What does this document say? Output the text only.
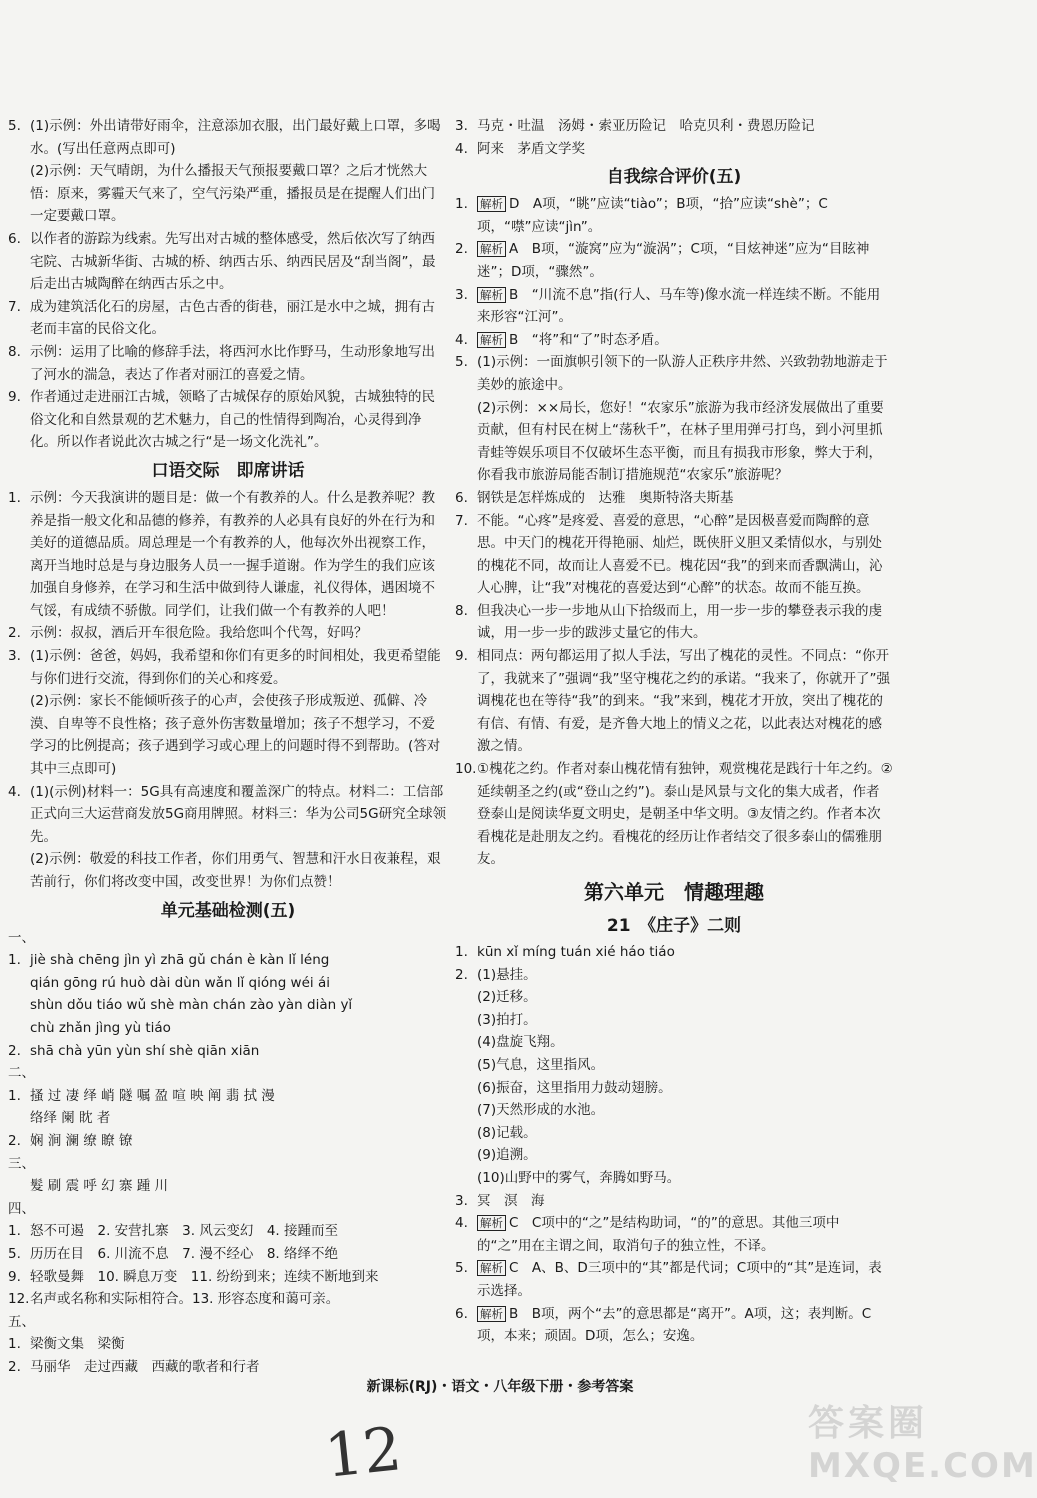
5. (1)示例：外出请带好雨伞，注意添加衣服，出门最好戴上口罩，多喝水。(写出任意两点即可)
(2)示例：天气晴朗，为什么播报天气预报要戴口罩？之后才恍然大悟：原来，雾霾天气来了，空气污染严重，播报员是在提醒人们出门一定要戴口罩。
6. 以作者的游踪为线索。先写出对古城的整体感受，然后依次写了纳西宅院、古城新华街、古城的桥、纳西古乐、纳西民居及“刮当阁”，最后走出古城陶醉在纳西古乐之中。
7. 成为建筑活化石的房屋，古色古香的街巷，丽江是水中之城，拥有古老而丰富的民俗文化。
8. 示例：运用了比喻的修辞手法，将西河水比作野马，生动形象地写出了河水的湍急，表达了作者对丽江的喜爱之情。
9. 作者通过走进丽江古城，领略了古城保存的原始风貌，古城独特的民俗文化和自然景观的艺术魅力，自己的性情得到陶冶，心灵得到净化。所以作者说此次古城之行“是一场文化洗礼”。
口语交际　即席讲话
1. 示例：今天我演讲的题目是：做一个有教养的人。什么是教养呢？教养是指一般文化和品德的修养，有教养的人必具有良好的外在行为和美好的道德品质。周总理是一个有教养的人，他每次外出视察工作，离开当地时总是与身边服务人员一一握手道谢。作为学生的我们应该加强自身修养，在学习和生活中做到待人谦虚，礼仪得体，遇困境不气馁，有成绩不骄傲。同学们，让我们做一个有教养的人吧！
2. 示例：叔叔，酒后开车很危险。我给您叫个代驾，好吗？
3. (1)示例：爸爸，妈妈，我希望和你们有更多的时间相处，我更希望能与你们进行交流，得到你们的关心和疼爱。
(2)示例：家长不能倾听孩子的心声，会使孩子形成叛逆、孤僻、冷漠、自卑等不良性格；孩子意外伤害数量增加；孩子不想学习，不爱学习的比例提高；孩子遇到学习或心理上的问题时得不到帮助。(答对其中三点即可)
4. (1)(示例)材料一：5G具有高速度和覆盖深广的特点。材料二：工信部正式向三大运营商发放5G商用牌照。材料三：华为公司5G研究全球领先。
(2)示例：敬爱的科技工作者，你们用勇气、智慧和汗水日夜兼程，艰苦前行，你们将改变中国，改变世界！为你们点赞！
单元基础检测(五)
一、
1. jiè shà chēng jìn yì zhā gǔ chán è kàn lǐ léng
qián gōng rú huò dài dùn wǎn lǐ qióng wéi ái
shùn dǒu tiáo wǔ shè màn chán zào yàn diàn yǐ
chù zhǎn jìng yù tiáo
2. shā chà yūn yùn shí shè qiān xiān
二、
1. 搔 过 凄 绎 峭 隧 嘱 盈 喧 映 阐 翡 拭 漫
络绎 阑 眈 者
2. 娴 涧 澜 缭 瞭 镣
三、
髮 刷 震 呼 幻 寨 踵 川
四、
1. 怒不可遏　2. 安营扎寨　3. 风云变幻　4. 接踵而至
5. 历历在目　6. 川流不息　7. 漫不经心　8. 络绎不绝
9. 轻歌曼舞　10. 瞬息万变　11. 纷纷到来；连续不断地到来
12. 名声或名称和实际相符合。13. 形容态度和蔼可亲。
五、
1. 梁衡文集　梁衡
2. 马丽华　走过西藏　西藏的歌者和行者
3. 马克・吐温　汤姆・索亚历险记　哈克贝利・费恩历险记
4. 阿来　茅盾文学奖
自我综合评价(五)
1.	解析 D　A项，“眺”应读“tiào”；B项，“拾”应读“shè”；C项，“噤”应读“jìn”。
2.	解析 A　B项，“漩窝”应为“漩涡”；C项，“目炫神迷”应为“目眩神迷”；D项，“骤然”。
3.	解析 B　“川流不息”指(行人、马车等)像水流一样连续不断。不能用来形容“江河”。
4.	解析 B　“将”和“了”时态矛盾。
5. (1)示例：一面旗帜引领下的一队游人正秩序井然、兴致勃勃地游走于美妙的旅途中。
(2)示例：××局长，您好！“农家乐”旅游为我市经济发展做出了重要贡献，但有村民在树上“荡秋千”，在林子里用弹弓打鸟，到小河里抓青蛙等娱乐项目不仅破坏生态平衡，而且有损我市形象，弊大于利，你看我市旅游局能否制订措施规范“农家乐”旅游呢？
6. 钢铁是怎样炼成的　达雅　奥斯特洛夫斯基
7. 不能。“心疼”是疼爱、喜爱的意思，“心醉”是因极喜爱而陶醉的意思。中天门的槐花开得艳丽、灿烂，既侠肝义胆又柔情似水，与别处的槐花不同，故而让人喜爱不已。槐花因“我”的到来而香飘满山，沁人心脾，让“我”对槐花的喜爱达到“心醉”的状态。故而不能互换。
8. 但我决心一步一步地从山下拾级而上，用一步一步的攀登表示我的虔诚，用一步一步的跋涉丈量它的伟大。
9. 相同点：两句都运用了拟人手法，写出了槐花的灵性。不同点：“你开了，我就来了”强调“我”坚守槐花之约的承诺。“我来了，你就开了”强调槐花也在等待“我”的到来。“我”来到，槐花才开放，突出了槐花的有信、有情、有爱，是齐鲁大地上的情义之花，以此表达对槐花的感激之情。
10. ①槐花之约。作者对泰山槐花情有独钟，观赏槐花是践行十年之约。②延续朝圣之约(或“登山之约”)。泰山是风景与文化的集大成者，作者登泰山是阅读华夏文明史，是朝圣中华文明。③友情之约。作者本次看槐花是赴朋友之约。看槐花的经历让作者结交了很多泰山的儒雅朋友。
第六单元　情趣理趣
21　《庄子》二则
1. kūn xǐ míng tuán xié háo tiáo
2. (1)悬挂。
(2)迁移。
(3)拍打。
(4)盘旋飞翔。
(5)气息，这里指风。
(6)振奋，这里指用力鼓动翅膀。
(7)天然形成的水池。
(8)记载。
(9)追溯。
(10)山野中的雾气，奔腾如野马。
3. 冥　溟　海
4.	解析 C　C项中的“之”是结构助词，“的”的意思。其他三项中的“之”用在主谓之间，取消句子的独立性，不译。
5.	解析 C　A、B、D三项中的“其”都是代词；C项中的“其”是连词，表示选择。
6.	解析 B　B项，两个“去”的意思都是“离开”。A项，这；表判断。C项，本来；顽固。D项，怎么；安逸。
新课标(RJ)・语文・八年级下册・参考答案
12	答案圈
MXQE.COM
